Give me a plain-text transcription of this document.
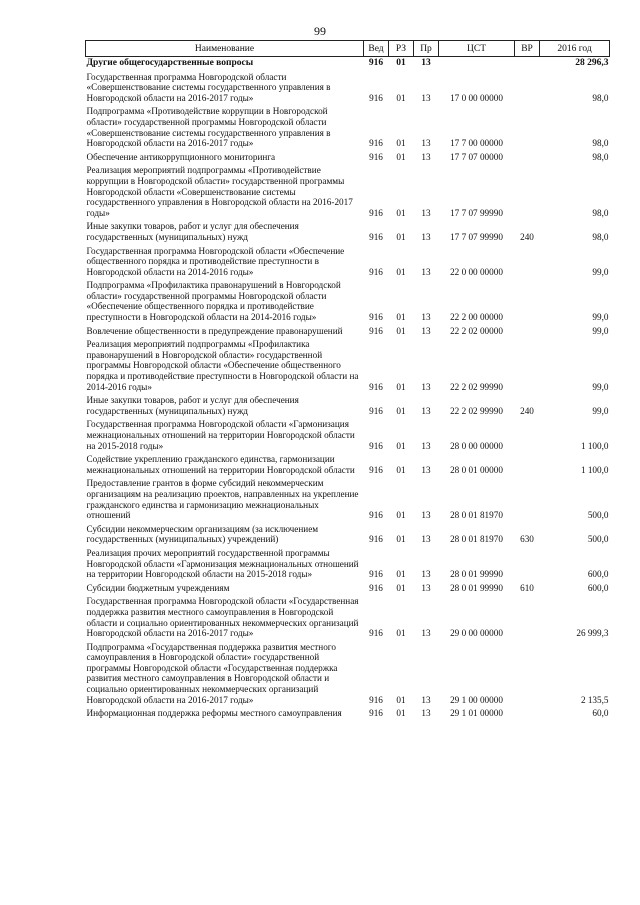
99
Наименование	Вед	РЗ	Пр	ЦСТ	ВР	2016 год
Другие общегосударственные вопросы	916	01	13			28 296,3
Государственная программа Новгородской области «Совершенствование системы государственного управления в Новгородской области на 2016-2017 годы»	916	01	13	17 0 00 00000		98,0
Подпрограмма «Противодействие коррупции в Новгородской области» государственной программы Новгородской области «Совершенствование системы государственного управления в Новгородской области на 2016-2017 годы»	916	01	13	17 7 00 00000		98,0
Обеспечение антикоррупционного мониторинга	916	01	13	17 7 07 00000		98,0
Реализация мероприятий подпрограммы «Противодействие коррупции в Новгородской области» государственной программы Новгородской области «Совершенствование системы государственного управления в Новгородской области на 2016-2017 годы»	916	01	13	17 7 07 99990		98,0
Иные закупки товаров, работ и услуг для обеспечения государственных (муниципальных) нужд	916	01	13	17 7 07 99990	240	98,0
Государственная программа Новгородской области «Обеспечение общественного порядка и противодействие преступности в Новгородской области на 2014-2016 годы»	916	01	13	22 0 00 00000		99,0
Подпрограмма «Профилактика правонарушений в Новгородской области» государственной программы Новгородской области «Обеспечение общественного порядка и противодействие преступности в Новгородской области на 2014-2016 годы»	916	01	13	22 2 00 00000		99,0
Вовлечение общественности в предупреждение правонарушений	916	01	13	22 2 02 00000		99,0
Реализация мероприятий подпрограммы «Профилактика правонарушений в Новгородской области» государственной программы Новгородской области «Обеспечение общественного порядка и противодействие преступности в Новгородской области на 2014-2016 годы»	916	01	13	22 2 02 99990		99,0
Иные закупки товаров, работ и услуг для обеспечения государственных (муниципальных) нужд	916	01	13	22 2 02 99990	240	99,0
Государственная программа Новгородской области «Гармонизация межнациональных отношений на территории Новгородской области на 2015-2018 годы»	916	01	13	28 0 00 00000		1 100,0
Содействие укреплению гражданского единства, гармонизации межнациональных отношений на территории Новгородской области	916	01	13	28 0 01 00000		1 100,0
Предоставление грантов в форме субсидий некоммерческим организациям на реализацию проектов, направленных на укрепление гражданского единства и гармонизацию межнациональных отношений	916	01	13	28 0 01 81970		500,0
Субсидии некоммерческим организациям (за исключением государственных (муниципальных) учреждений)	916	01	13	28 0 01 81970	630	500,0
Реализация прочих мероприятий государственной программы Новгородской области «Гармонизация межнациональных отношений на территории Новгородской области на 2015-2018 годы»	916	01	13	28 0 01 99990		600,0
Субсидии бюджетным учреждениям	916	01	13	28 0 01 99990	610	600,0
Государственная программа Новгородской области «Государственная поддержка развития местного самоуправления в Новгородской области и социально ориентированных некоммерческих организаций Новгородской области на 2016-2017 годы»	916	01	13	29 0 00 00000		26 999,3
Подпрограмма «Государственная поддержка развития местного самоуправления в Новгородской области» государственной программы Новгородской области «Государственная поддержка развития местного самоуправления в Новгородской области и социально ориентированных некоммерческих организаций Новгородской области на 2016-2017 годы»	916	01	13	29 1 00 00000		2 135,5
Информационная поддержка реформы местного самоуправления	916	01	13	29 1 01 00000		60,0
